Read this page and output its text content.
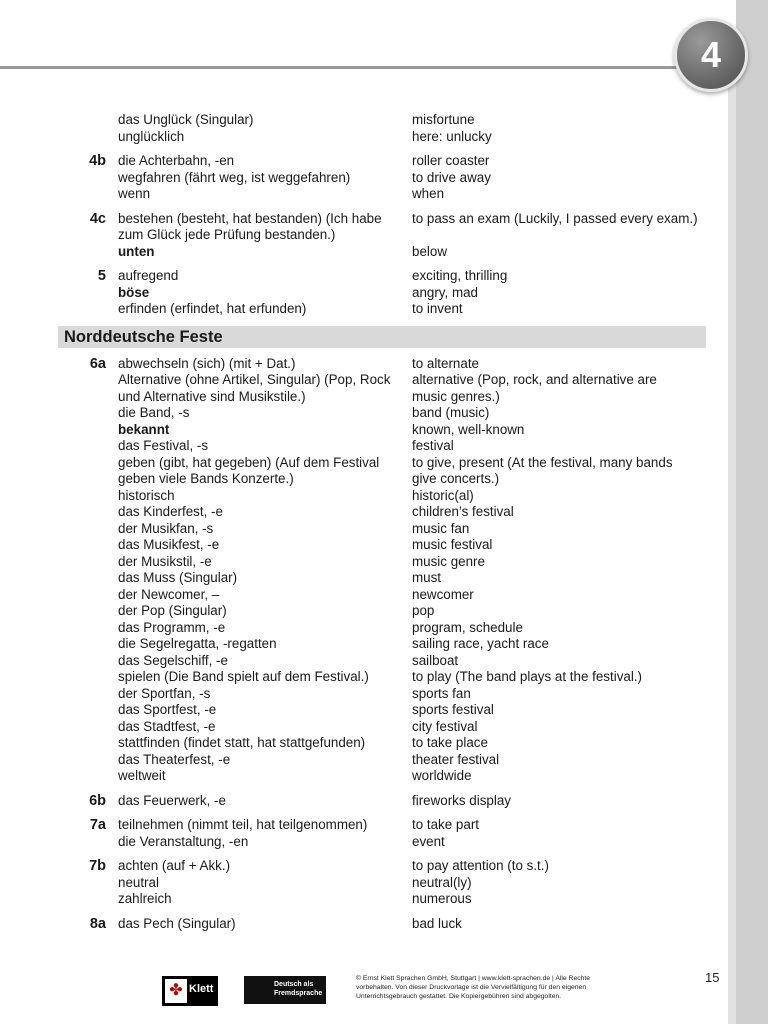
4
das Unglück (Singular)	misfortune
unglücklich	here: unlucky
4b die Achterbahn, -en	roller coaster
wegfahren (fährt weg, ist weggefahren)	to drive away
wenn	when
4c bestehen (besteht, hat bestanden) (Ich habe	to pass an exam (Luckily, I passed every exam.)
zum Glück jede Prüfung bestanden.)
unten	below
5 aufregend	exciting, thrilling
böse	angry, mad
erfinden (erfindet, hat erfunden)	to invent
Norddeutsche Feste
6a abwechseln (sich) (mit + Dat.)	to alternate
Alternative (ohne Artikel, Singular) (Pop, Rock	alternative (Pop, rock, and alternative are
und Alternative sind Musikstile.)	music genres.)
die Band, -s	band (music)
bekannt	known, well-known
das Festival, -s	festival
geben (gibt, hat gegeben) (Auf dem Festival	to give, present (At the festival, many bands
geben viele Bands Konzerte.)	give concerts.)
historisch	historic(al)
das Kinderfest, -e	children’s festival
der Musikfan, -s	music fan
das Musikfest, -e	music festival
der Musikstil, -e	music genre
das Muss (Singular)	must
der Newcomer, –	newcomer
der Pop (Singular)	pop
das Programm, -e	program, schedule
die Segelregatta, -regatten	sailing race, yacht race
das Segelschiff, -e	sailboat
spielen (Die Band spielt auf dem Festival.)	to play (The band plays at the festival.)
der Sportfan, -s	sports fan
das Sportfest, -e	sports festival
das Stadtfest, -e	city festival
stattfinden (findet statt, hat stattgefunden)	to take place
das Theaterfest, -e	theater festival
weltweit	worldwide
6b das Feuerwerk, -e	fireworks display
7a teilnehmen (nimmt teil, hat teilgenommen)	to take part
die Veranstaltung, -en	event
7b achten (auf + Akk.)	to pay attention (to s.t.)
neutral	neutral(ly)
zahlreich	numerous
8a das Pech (Singular)	bad luck
✤ Klett	Deutsch als Fremdsprache
© Ernst Klett Sprachen GmbH, Stuttgart | www.klett-sprachen.de | Alle Rechte vorbehalten. Von dieser Druckvorlage ist die Vervielfältigung für den eigenen Unterrichtsgebrauch gestattet. Die Kopiergebühren sind abgegolten.
15
